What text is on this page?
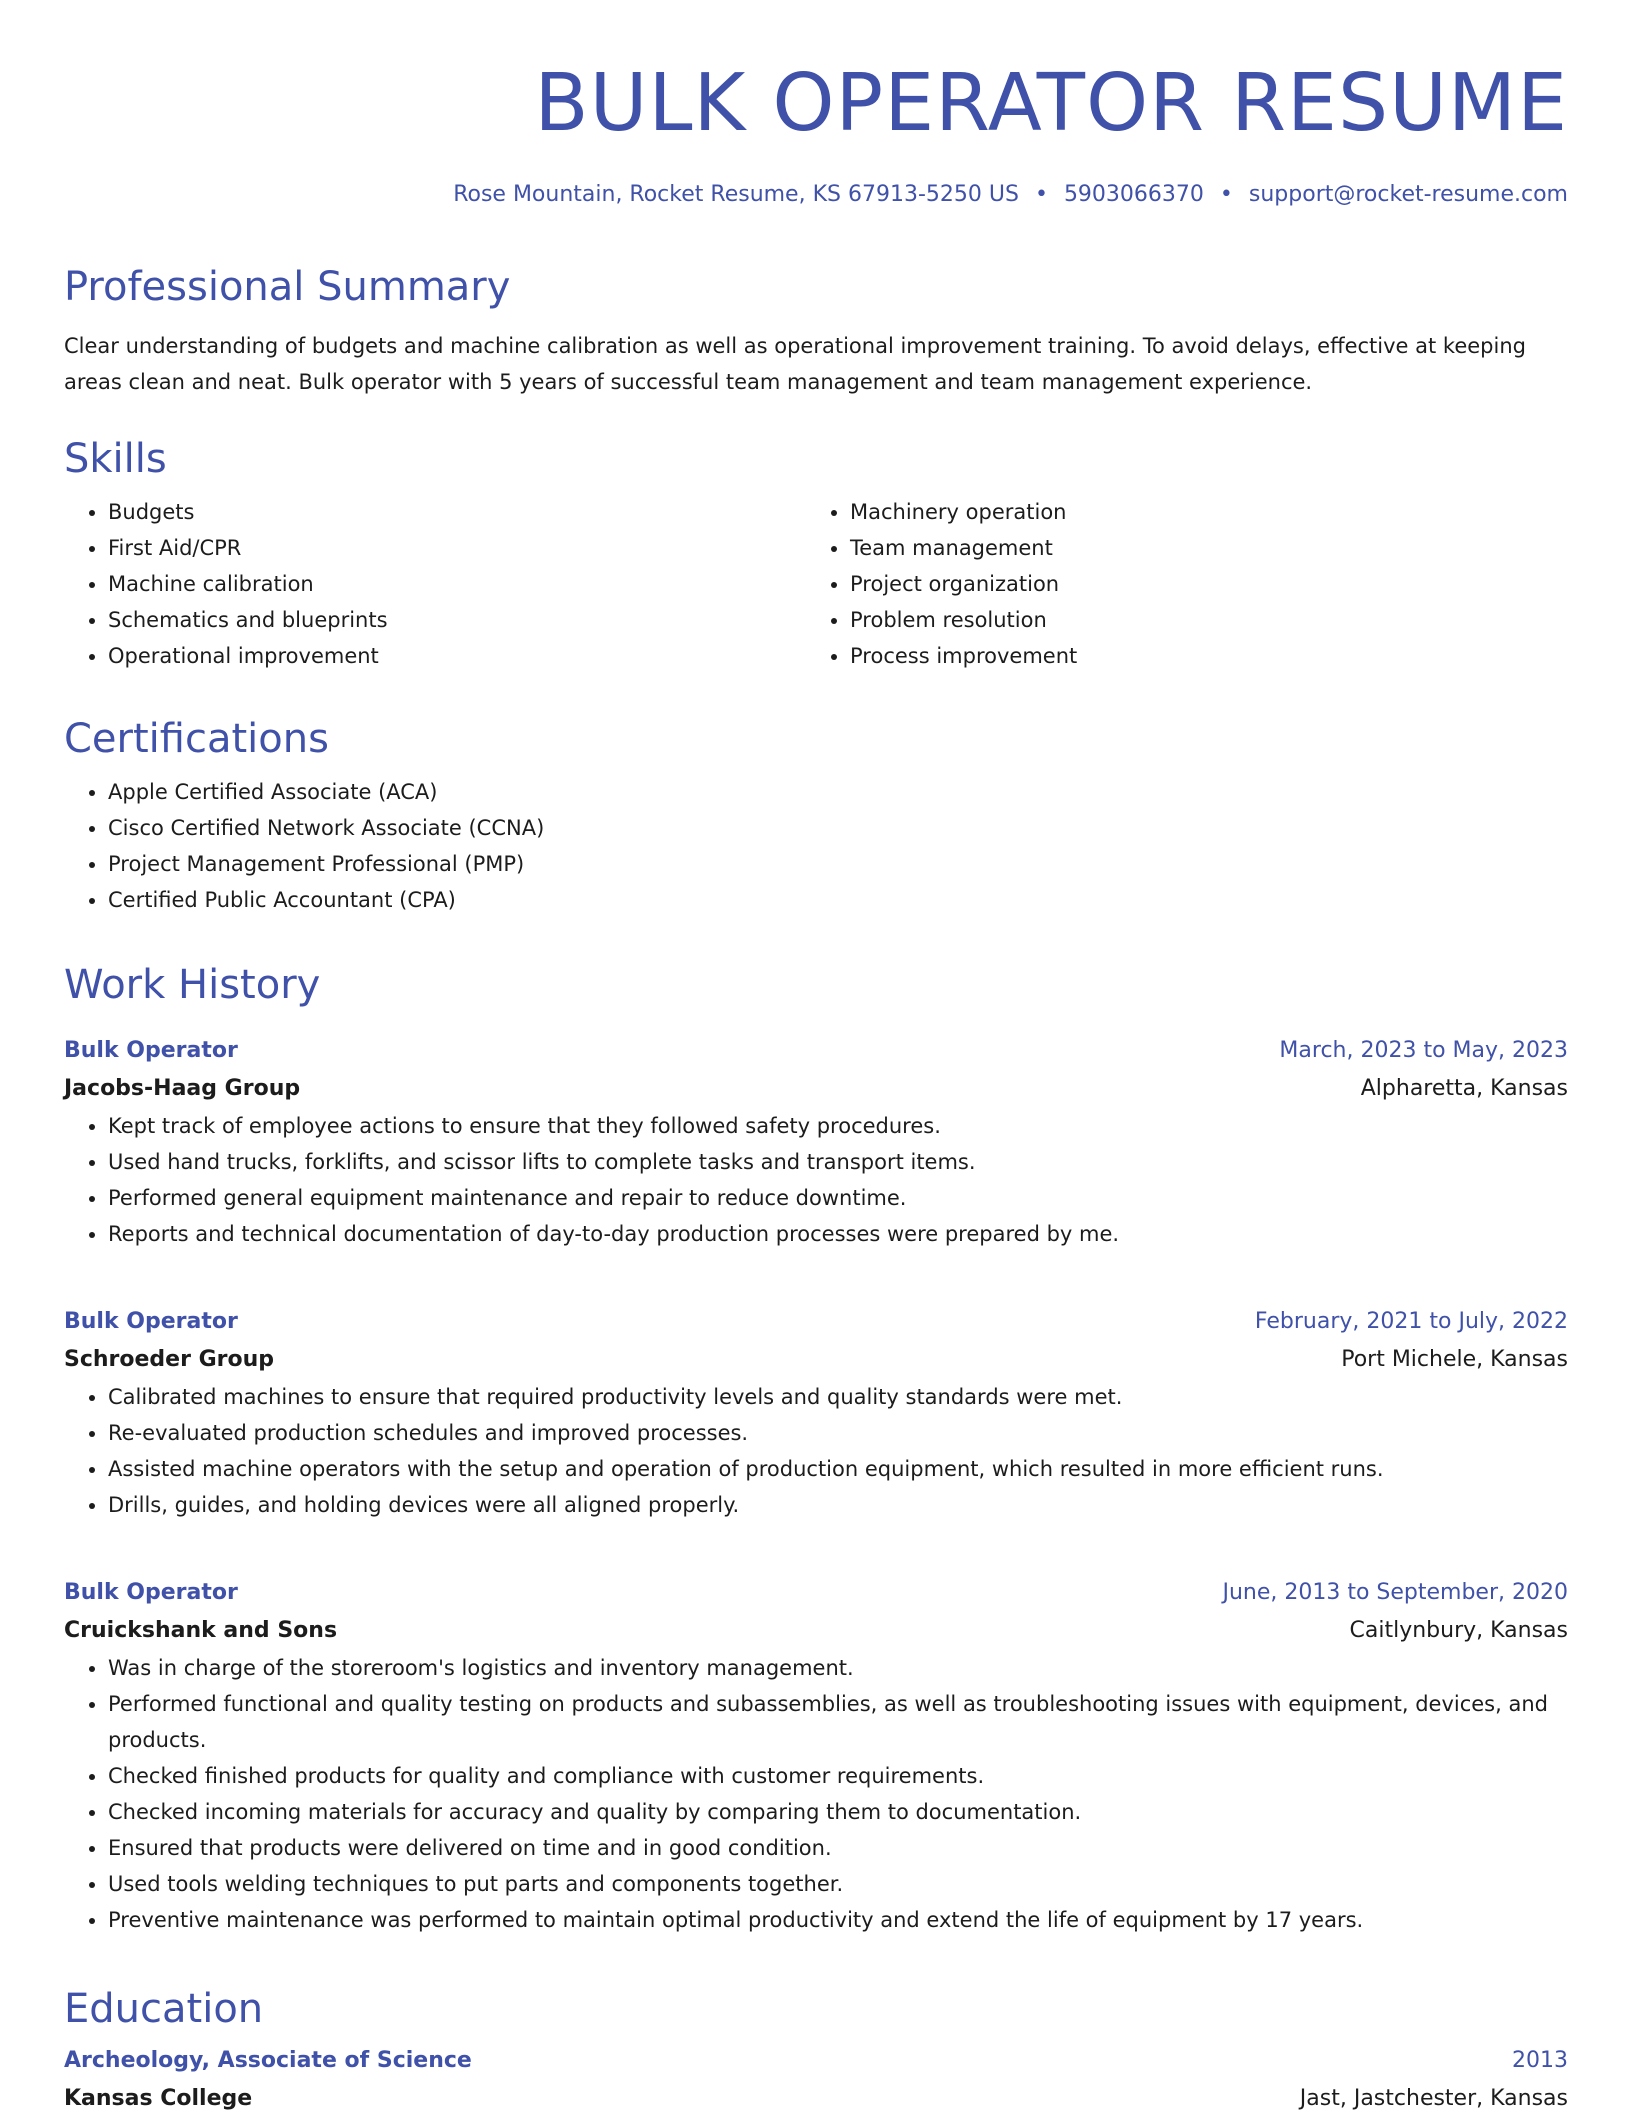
BULK OPERATOR RESUME
Rose Mountain, Rocket Resume, KS 67913-5250 US • 5903066370 • support@rocket-resume.com
Professional Summary

Clear understanding of budgets and machine calibration as well as operational improvement training. To avoid delays, effective at keeping areas clean and neat. Bulk operator with 5 years of successful team management and team management experience.

Skills
• Budgets
• First Aid/CPR
• Machine calibration
• Schematics and blueprints
• Operational improvement
• Machinery operation
• Team management
• Project organization
• Problem resolution
• Process improvement
Certifications
• Apple Certified Associate (ACA)
• Cisco Certified Network Associate (CCNA)
• Project Management Professional (PMP)
• Certified Public Accountant (CPA)
Work History
Bulk Operator	March, 2023 to May, 2023
Jacobs-Haag Group	Alpharetta, Kansas
• Kept track of employee actions to ensure that they followed safety procedures.
• Used hand trucks, forklifts, and scissor lifts to complete tasks and transport items.
• Performed general equipment maintenance and repair to reduce downtime.
• Reports and technical documentation of day-to-day production processes were prepared by me.
Bulk Operator	February, 2021 to July, 2022
Schroeder Group	Port Michele, Kansas
• Calibrated machines to ensure that required productivity levels and quality standards were met.
• Re-evaluated production schedules and improved processes.
• Assisted machine operators with the setup and operation of production equipment, which resulted in more efficient runs.
• Drills, guides, and holding devices were all aligned properly.
Bulk Operator	June, 2013 to September, 2020
Cruickshank and Sons	Caitlynbury, Kansas
• Was in charge of the storeroom's logistics and inventory management.
• Performed functional and quality testing on products and subassemblies, as well as troubleshooting issues with equipment, devices, and products.
• Checked finished products for quality and compliance with customer requirements.
• Checked incoming materials for accuracy and quality by comparing them to documentation.
• Ensured that products were delivered on time and in good condition.
• Used tools welding techniques to put parts and components together.
• Preventive maintenance was performed to maintain optimal productivity and extend the life of equipment by 17 years.
Education
Archeology, Associate of Science	2013
Kansas College	Jast, Jastchester, Kansas
